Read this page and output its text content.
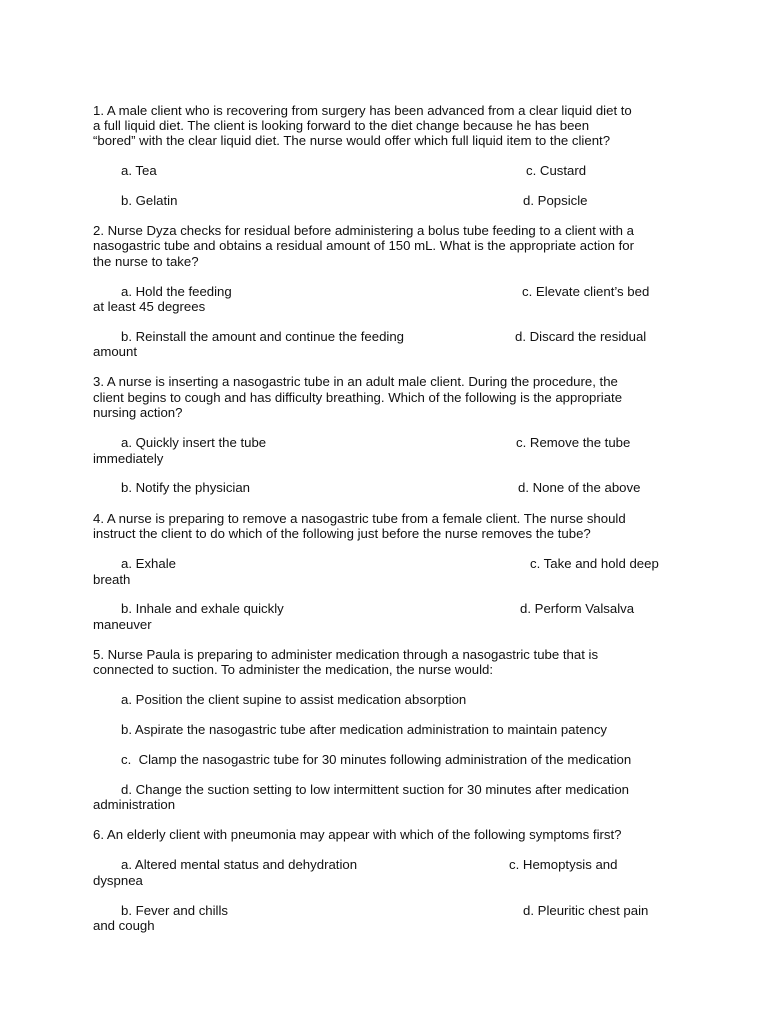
1. A male client who is recovering from surgery has been advanced from a clear liquid diet to
a full liquid diet. The client is looking forward to the diet change because he has been
“bored” with the clear liquid diet. The nurse would offer which full liquid item to the client?
a. Tea	c. Custard
b. Gelatin	d. Popsicle
2. Nurse Dyza checks for residual before administering a bolus tube feeding to a client with a
nasogastric tube and obtains a residual amount of 150 mL. What is the appropriate action for
the nurse to take?
a. Hold the feeding	c. Elevate client’s bed
at least 45 degrees
b. Reinstall the amount and continue the feeding	d. Discard the residual
amount
3. A nurse is inserting a nasogastric tube in an adult male client. During the procedure, the
client begins to cough and has difficulty breathing. Which of the following is the appropriate
nursing action?
a. Quickly insert the tube	c. Remove the tube
immediately
b. Notify the physician	d. None of the above
4. A nurse is preparing to remove a nasogastric tube from a female client. The nurse should
instruct the client to do which of the following just before the nurse removes the tube?
a. Exhale	c. Take and hold deep
breath
b. Inhale and exhale quickly	d. Perform Valsalva
maneuver
5. Nurse Paula is preparing to administer medication through a nasogastric tube that is
connected to suction. To administer the medication, the nurse would:
a. Position the client supine to assist medication absorption
b. Aspirate the nasogastric tube after medication administration to maintain patency
c.  Clamp the nasogastric tube for 30 minutes following administration of the medication
d. Change the suction setting to low intermittent suction for 30 minutes after medication
administration
6. An elderly client with pneumonia may appear with which of the following symptoms first?
a. Altered mental status and dehydration	c. Hemoptysis and
dyspnea
b. Fever and chills	d. Pleuritic chest pain
and cough
